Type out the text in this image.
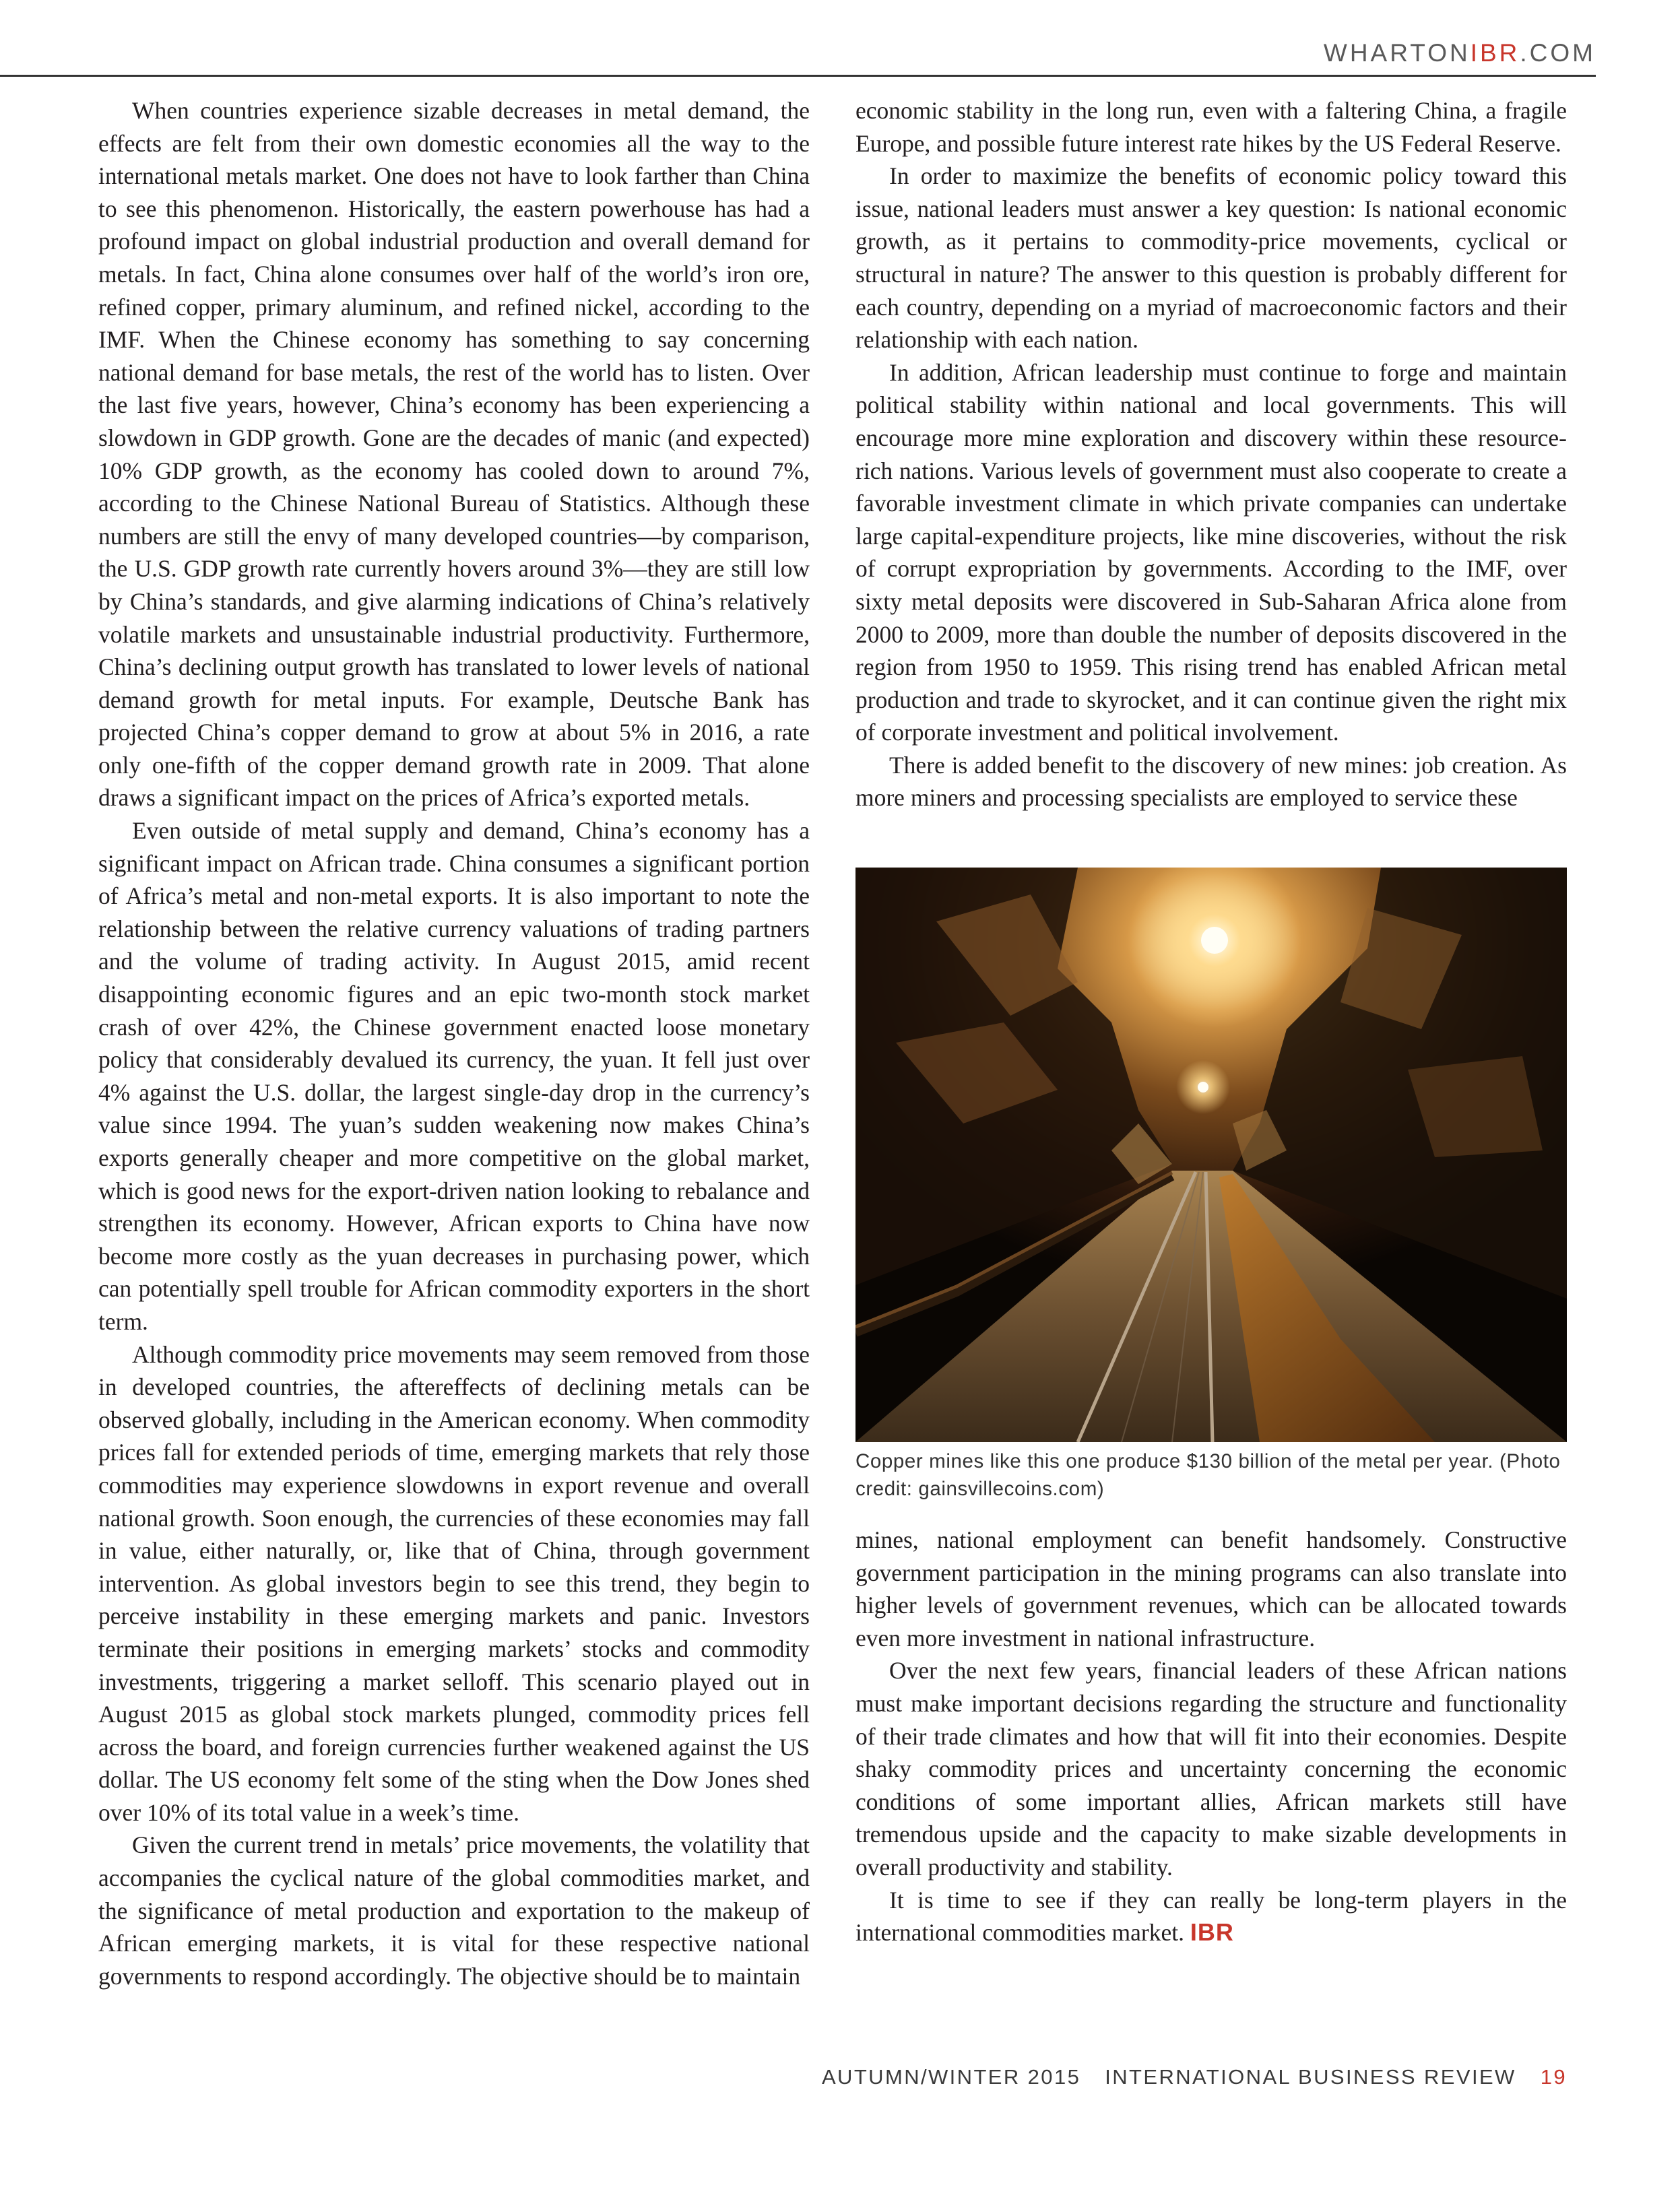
WHARTONIBR.COM

When countries experience sizable decreases in metal demand, the effects are felt from their own domestic economies all the way to the international metals market. One does not have to look farther than China to see this phenomenon. Historically, the eastern powerhouse has had a profound impact on global industrial production and overall demand for metals. In fact, China alone consumes over half of the world’s iron ore, refined copper, primary aluminum, and refined nickel, according to the IMF. When the Chinese economy has something to say concerning national demand for base metals, the rest of the world has to listen. Over the last five years, however, China’s economy has been experiencing a slowdown in GDP growth. Gone are the decades of manic (and expected) 10% GDP growth, as the economy has cooled down to around 7%, according to the Chinese National Bureau of Statistics. Although these numbers are still the envy of many developed countries—by comparison, the U.S. GDP growth rate currently hovers around 3%—they are still low by China’s standards, and give alarming indications of China’s relatively volatile markets and unsustainable industrial productivity. Furthermore, China’s declining output growth has translated to lower levels of national demand growth for metal inputs. For example, Deutsche Bank has projected China’s copper demand to grow at about 5% in 2016, a rate only one-fifth of the copper demand growth rate in 2009. That alone draws a significant impact on the prices of Africa’s exported metals.

Even outside of metal supply and demand, China’s economy has a significant impact on African trade. China consumes a significant portion of Africa’s metal and non-metal exports. It is also important to note the relationship between the relative currency valuations of trading partners and the volume of trading activity. In August 2015, amid recent disappointing economic figures and an epic two-month stock market crash of over 42%, the Chinese government enacted loose monetary policy that considerably devalued its currency, the yuan. It fell just over 4% against the U.S. dollar, the largest single-day drop in the currency’s value since 1994. The yuan’s sudden weakening now makes China’s exports generally cheaper and more competitive on the global market, which is good news for the export-driven nation looking to rebalance and strengthen its economy. However, African exports to China have now become more costly as the yuan decreases in purchasing power, which can potentially spell trouble for African commodity exporters in the short term.

Although commodity price movements may seem removed from those in developed countries, the aftereffects of declining metals can be observed globally, including in the American economy. When commodity prices fall for extended periods of time, emerging markets that rely those commodities may experience slowdowns in export revenue and overall national growth. Soon enough, the currencies of these economies may fall in value, either naturally, or, like that of China, through government intervention. As global investors begin to see this trend, they begin to perceive instability in these emerging markets and panic. Investors terminate their positions in emerging markets’ stocks and commodity investments, triggering a market selloff. This scenario played out in August 2015 as global stock markets plunged, commodity prices fell across the board, and foreign currencies further weakened against the US dollar. The US economy felt some of the sting when the Dow Jones shed over 10% of its total value in a week’s time.

Given the current trend in metals’ price movements, the volatility that accompanies the cyclical nature of the global commodities market, and the significance of metal production and exportation to the makeup of African emerging markets, it is vital for these respective national governments to respond accordingly. The objective should be to maintain

economic stability in the long run, even with a faltering China, a fragile Europe, and possible future interest rate hikes by the US Federal Reserve.

In order to maximize the benefits of economic policy toward this issue, national leaders must answer a key question: Is national economic growth, as it pertains to commodity-price movements, cyclical or structural in nature? The answer to this question is probably different for each country, depending on a myriad of macroeconomic factors and their relationship with each nation.

In addition, African leadership must continue to forge and maintain political stability within national and local governments. This will encourage more mine exploration and discovery within these resource-rich nations. Various levels of government must also cooperate to create a favorable investment climate in which private companies can undertake large capital-expenditure projects, like mine discoveries, without the risk of corrupt expropriation by governments. According to the IMF, over sixty metal deposits were discovered in Sub-Saharan Africa alone from 2000 to 2009, more than double the number of deposits discovered in the region from 1950 to 1959. This rising trend has enabled African metal production and trade to skyrocket, and it can continue given the right mix of corporate investment and political involvement.

There is added benefit to the discovery of new mines: job creation. As more miners and processing specialists are employed to service these

Copper mines like this one produce $130 billion of the metal per year. (Photo credit: gainsvillecoins.com)

mines, national employment can benefit handsomely. Constructive government participation in the mining programs can also translate into higher levels of government revenues, which can be allocated towards even more investment in national infrastructure.

Over the next few years, financial leaders of these African nations must make important decisions regarding the structure and functionality of their trade climates and how that will fit into their economies. Despite shaky commodity prices and uncertainty concerning the economic conditions of some important allies, African markets still have tremendous upside and the capacity to make sizable developments in overall productivity and stability.

It is time to see if they can really be long-term players in the international commodities market. IBR

AUTUMN/WINTER 2015 INTERNATIONAL BUSINESS REVIEW 19
